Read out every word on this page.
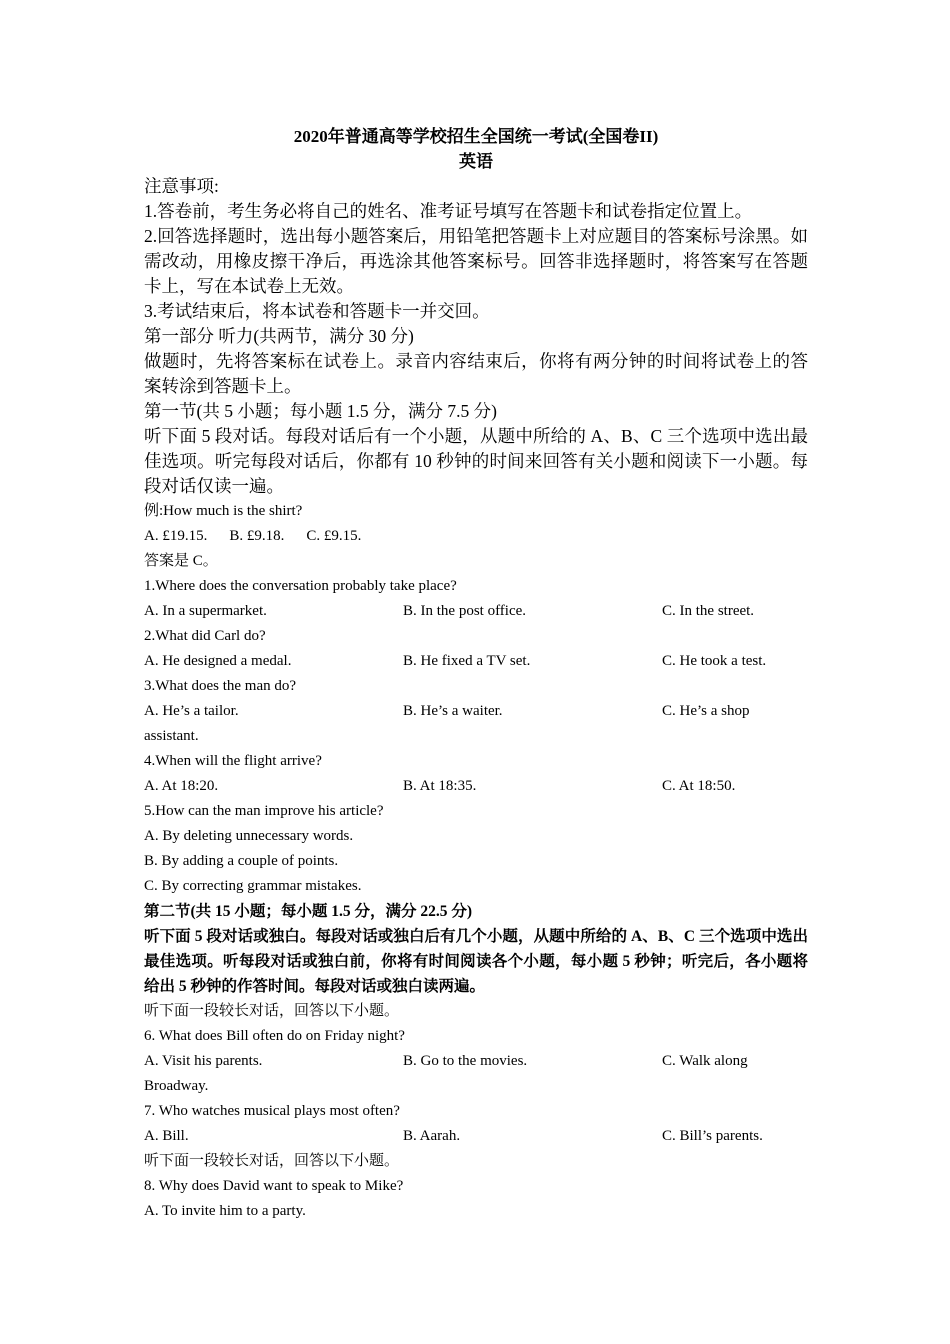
2020年普通高等学校招生全国统一考试(全国卷II)
英语

注意事项:

1.答卷前，考生务必将自己的姓名、准考证号填写在答题卡和试卷指定位置上。

2.回答选择题时，选出每小题答案后，用铅笔把答题卡上对应题目的答案标号涂黑。如需改动，用橡皮擦干净后，再选涂其他答案标号。回答非选择题时，将答案写在答题卡上，写在本试卷上无效。

3.考试结束后，将本试卷和答题卡一并交回。

第一部分 听力(共两节，满分 30 分)

做题时，先将答案标在试卷上。录音内容结束后，你将有两分钟的时间将试卷上的答案转涂到答题卡上。

第一节(共 5 小题；每小题 1.5 分，满分 7.5 分)

听下面 5 段对话。每段对话后有一个小题，从题中所给的 A、B、C 三个选项中选出最佳选项。听完每段对话后，你都有 10 秒钟的时间来回答有关小题和阅读下一小题。每段对话仅读一遍。

例:How much is the shirt?

A. £19.15. B. £9.18. C. £9.15.

答案是 C。

1.Where does the conversation probably take place?

A. In a supermarket.	B. In the post office.	C. In the street.

2.What did Carl do?

A. He designed a medal.	B. He fixed a TV set.	C. He took a test.

3.What does the man do?

A. He’s a tailor.	B. He’s a waiter.	C. He’s a shop

assistant.

4.When will the flight arrive?

A. At 18:20.	B. At 18:35.	C. At 18:50.

5.How can the man improve his article?

A. By deleting unnecessary words.

B. By adding a couple of points.

C. By correcting grammar mistakes.

第二节(共 15 小题；每小题 1.5 分，满分 22.5 分)

听下面 5 段对话或独白。每段对话或独白后有几个小题，从题中所给的 A、B、C 三个选项中选出最佳选项。听每段对话或独白前，你将有时间阅读各个小题，每小题 5 秒钟；听完后，各小题将给出 5 秒钟的作答时间。每段对话或独白读两遍。

听下面一段较长对话，回答以下小题。

6. What does Bill often do on Friday night?

A. Visit his parents.	B. Go to the movies.	C. Walk along

Broadway.

7. Who watches musical plays most often?

A. Bill.	B. Aarah.	C. Bill’s parents.

听下面一段较长对话，回答以下小题。

8. Why does David want to speak to Mike?

A. To invite him to a party.
